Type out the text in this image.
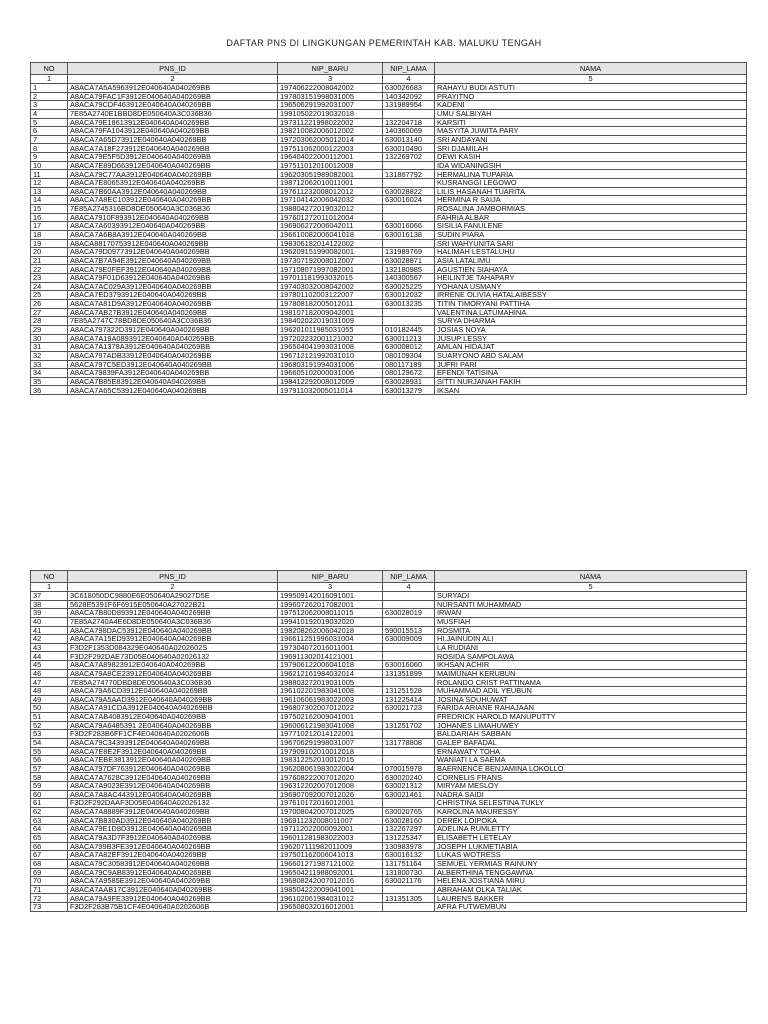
DAFTAR PNS DI LINGKUNGAN PEMERINTAH KAB. MALUKU TENGAH
NO	PNS_ID	NIP_BARU	NIP_LAMA	NAMA
1	2	3	4	5
1	A8ACA7A5A5963912E040640A040269BB	197406222008042002	630026683	RAHAYU BUDI ASTUTI
2	A8ACA79FAC1F3912E040640A040269BB	197803151998031005	140342092	PRAYITNO
3	A8ACA79CDF463912E040640A040269BB	196506291992031007	131989954	KADENI
4	7E85A2740E1BBD8DE050640A3C036B36	199105022019032018		UMU SALBIYAH
5	A8ACA79E18613912E040640A040269BB	197311221998022002	132204718	KARSITI
6	A8ACA79FA1043912E040640A040269BB	198210082006012002	140360069	MASYITA JUWITA PARY
7	A8ACA7A65D73912E040640A040269BB	197203062005012014	630013140	SRI ANDAYANI
8	A8ACA7A18F273912E040640A040269BB	197511062000122003	630010490	SRI DJAMILAH
9	A8ACA79E5F5D3912E040640A040269BB	196404022000112001	132269702	DEWI KASIH
10	A8ACA7E89D663912E040640A040269BB	197511012010012008		IDA WIDANINGSIH
11	A8ACA79C77AA3912E040640A040269BB	196203051989082001	131867792	HERMALINA TUPARIA
12	A8ACA7E80653912E040640A040269BB	198712062010011001		KUSRANGGI LEGOWO
13	A8ACA7B60AA3912E040640A040269BB	197611232008012012	630028822	LILIS HASANAH TUARITA
14	A8ACA7A8EC103912E040640A040269BB	197104142006042032	630016024	HERMINA R SAIJA
15	7E85A2745316BD8DE050640A3C036B36	198804272019032012		ROSALINA JAMBORMIAS
16	A8ACA7910F893912E040640A040269BB	197601272011012004		FAHRIA ALBAR
17	A8ACA7A60393912E040640A040269BB	196906272006042011	630016066	SISILIA FANULENE
18	A8ACA7A6B8A3912E040640A040269BB	196610082006041018	630016138	SUDIN PIARA
19	A8ACA88170753912E040640A040269BB	198306182014122002		SRI WAHYUNITA SARI
20	A8ACA79D09773912E040640A040269BB	196209151990082001	131989769	HALIMAH LESTALUHU
21	A8ACA7B7A94E3912E040640A040269BB	197307192008012007	630028871	ASIA LATALIMU
22	A8ACA79E0FEF3912E040640A040269BB	197108071997082001	132180985	AGUSTIEN SIAHAYA
23	A8ACA79F01D63912E040640A040269BB	197011181993032015	140300567	HEILINTJE TAHAPARY
24	A8ACA7AC029A3912E040640A040269BB	197403032008042002	630025225	YOHANA USMANY
25	A8ACA7ED3793912E040640A040269BB	197801102003122007	630012032	IRRENE OLIVIA HATALAIBESSY
26	A8ACA7A81D9A3912E040640A040269BB	197808182005012011	630013235	TITIN TIMORYANI PATTIHA
27	A8ACA7AB27B3912E040640A040269BB	198107182009042001		VALENTINA LATUMAHINA
28	7E85A2747C78BD8DE050640A3C036B36	198402022019031009		SURYA DHARMA
29	A8ACA797322D3912E040640A040269BB	196201011985031055	010182445	JOSIAS NOYA
30	A8ACA7A19A0893912E040640A040269BB	197202232001121002	630011213	JUSUP LESSY
31	A8ACA7A1378A3912E040640A040269BB	196504041993031008	630008012	AMLAN HIDAJAT
32	A8ACA797ADB33912E040640A040269BB	196712121992031010	080109304	SUARYONO ABD SALAM
33	A8ACA797C5ED3912E040640A040269BB	196803191994031006	080117189	JUFRI PARI
34	A8ACA79839FA3912E040640A040269BB	196605102000031006	080129672	EFENDI TATISINA
35	A8ACA7B85E83912E040640A040269BB	198412292008012009	630028931	SITTI NURJANAH FAKIH
36	A8ACA7A65C53912E040640A040269BB	197911032005011014	630013279	IKSAN
NO	PNS_ID	NIP_BARU	NIP_LAMA	NAMA
1	2	3	4	5
37	3C618050DC9880E6E050640A29027D5E	199509142016091001		SURYADI
38	5628E5391F6F6915E050640A27022B21	199607262017082001		NURSANTI MUHAMMAD
39	A8ACA7B80D893912E040640A040269BB	197512062008011015	630028019	IRWAN
40	7E85A2740A4E6D8DE050640A3C036B36	199410192019032020		MUSFIAH
41	A8ACA798DAC53912E040640A040269BB	198208262006042018	590015513	ROSMITA
42	A8ACA7A15ED93912E040640A040269BB	196611251996031004	630009009	HI.JAINUDIN ALI
43	F3D2F1353D084329E040640A0202602S	197304072016011001		LA RUDIANI
44	F3D2F292DAE73D05E040640A02026132	196911302014121001		ROSIDA SAMPOLAWA
45	A8ACA7A89823912E040640A040269BB	197906122006041018	630016060	IKHSAN ACHIR
46	A8ACA79A8CE23912E040640A040269BB	196212161984032014	131351899	MAIMUNAH KERUBUN
47	7E85A274770DBD8DE050640A3C036B36	198803272019031005		ROLANDO CRIST PATTINAMA
48	A8ACA79A6CD3912E040640A040269BB	196102201983041008	131251528	MUHAMMAD ADIL YEUBUN
49	A8ACA79A5AAD3912E040640A040269BB	196106061983022003	131225414	JOSINA SOUHUWAT
50	A8ACA7A91CDA3912E040640A040269BB	196807302007012022	630021723	FARIDA ARIANE RAHAJAAN
51	A8ACA7AB4083912E040640A040269BB	197502162009041001		FREDRICK HAROLD MANUPUTTY
52	A8ACA79A6485391 2E040640A040269BB	196006121983041008	131251702	JOHANES LIMAHUWEY
53	F3D2F283B6FF1CF4E040640A0202606B	197710212014122001		BALDARIAH SABBAN
54	A8ACA79C34393912E040640A040269BB	196706291998031007	131778808	GALEP BAFADAL
55	A8ACA7E8E2F3912E040640A040269BB	197909102010012018		ERNAWATY TOHA
56	A8ACA7EBE3813912E040640A040269BB	198312252010012015		WANIATI LA SAEMA
57	A8ACA797DF763912E040640A040269BB	196208061983022004	070015978	BAERNENCE BENJAMINA LOKOLLO
58	A8ACA7A7628C3912E040640A040269BB	197608222007012020	630020240	CORNELIS FRANS
59	A8ACA7A9023E3912E040640A040269BB	196312202007012008	630021312	MIRYAM MESLOY
60	A8ACA7A8AC443912E040640A040269BB	196907092007012026	630021461	NADRA SAIDI
61	F3D2F292DAAF3D05E040640A02026132	197610172016012001		CHRISTINA SELESTINA TUKLY
62	A8ACA7A8889F3912E040640A040269BB	197008042007012025	630020765	KAROLINA MAURESSY
63	A8ACA7B830AD3912E040640A040269BB	196911232008011007	630028160	DEREK LOIPOKA
64	A8ACA79E1D8D3912E040640A040269BB	197112022000092001	132267297	ADELINA RUMLETTY
65	A8ACA79A3D7F3912E040640A040269BB	196011281983022003	131225347	ELISABETH LETELAY
66	A8ACA799B3FE3912E040640A040269BB	196207111982011009	130983978	JOSEPH LUKMETIABIA
67	A8ACA7A82EF3912E040640A040269BB	197501162006041013	630016132	LUKAS WOTRESS
68	A8ACA79C30583912E040640A040269BB	196601271987121002	131751164	SEMUEL YERMIAS RAINUNY
69	A8ACA79C9AB83912E040640A040269BB	196504211988092001	131800730	ALBERTHINA TENGGAWNA
70	A8ACA7A9585E3912E040640A040269BB	196808242007012016	630021176	HELENA JOSTIANA MIRU
71	A8ACA7AAB17C3912E040640A040269BB	198504222009041001		ABRAHAM OLKA TALIAK
72	A8ACA79A9FE33912E040640A040269BB	196102061984031012	131351305	LAURENS BAKKER
73	F3D2F283B75B1CF4E040640A0202606B	196508032016012001		AFRA FUTWEMBUN
